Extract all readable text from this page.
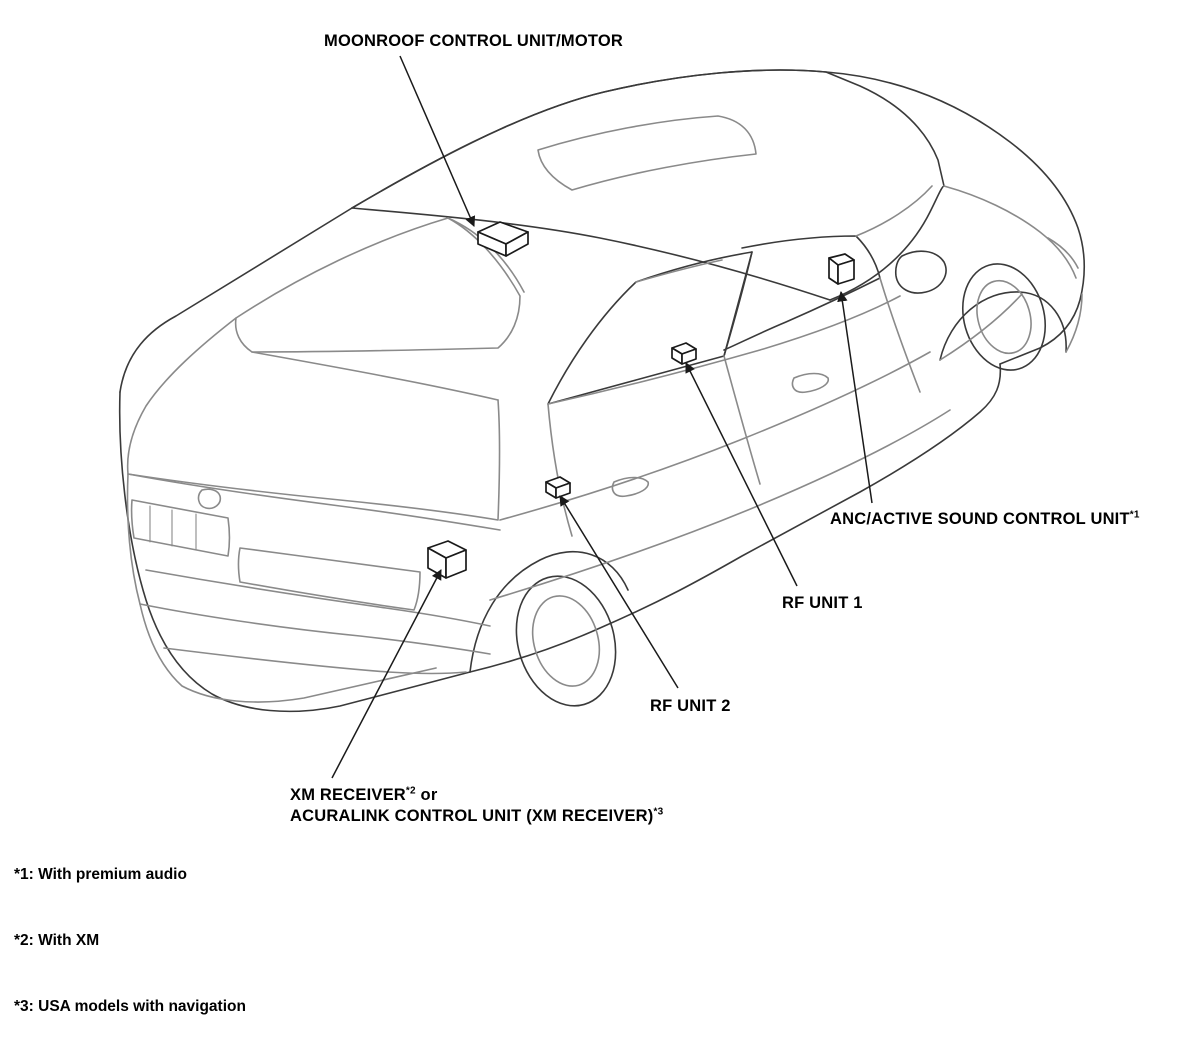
MOONROOF CONTROL UNIT/MOTOR
ANC/ACTIVE SOUND CONTROL UNIT$^{*1}$
RF UNIT 1
RF UNIT 2
XM RECEIVER$^{*2}$ or
ACURALINK CONTROL UNIT (XM RECEIVER)$^{*3}$

*1: With premium audio

*2: With XM

*3: USA models with navigation
